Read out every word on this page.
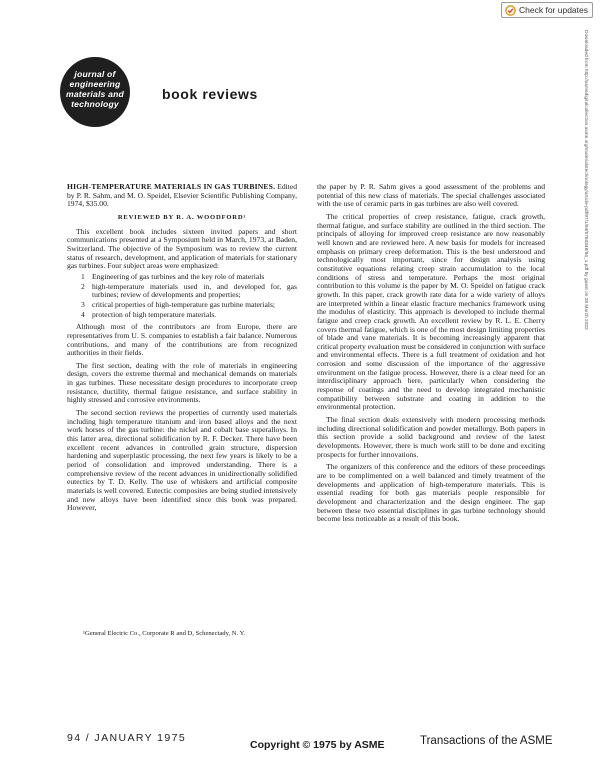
Check for updates
Downloaded from http://asmedigitalcollection.asme.org/materialstechnology/article-pdf/97/1/94/5760348/94_1.pdf by guest on 28 March 2022
journal of
engineering
materials and
technology
book reviews

HIGH-TEMPERATURE MATERIALS IN GAS TURBINES. Edited by P. R. Sahm, and M. O. Speidel, Elsevier Scientific Publishing Company, 1974, $35.00.

REVIEWED BY R. A. WOODFORD¹

This excellent book includes sixteen invited papers and short communications presented at a Symposium held in March, 1973, at Baden, Switzerland. The objective of the Symposium was to review the current status of research, development, and application of materials for stationary gas turbines. Four subject areas were emphasized:

1 Engineering of gas turbines and the key role of materials
2 high-temperature materials used in, and developed for, gas turbines; review of developments and properties;
3 critical properties of high-temperature gas turbine materials;
4 protection of high temperature materials.

Although most of the contributors are from Europe, there are representatives from U. S. companies to establish a fair balance. Numerous contributions, and many of the contributions are from recognized authorities in their fields.

The first section, dealing with the role of materials in engineering design, covers the extreme thermal and mechanical demands on materials in gas turbines. These necessitate design procedures to incorporate creep resistance, ductility, thermal fatigue resistance, and surface stability in highly stressed and corrosive environments.

The second section reviews the properties of currently used materials including high temperature titanium and iron based alloys and the next work horses of the gas turbine: the nickel and cobalt base superalloys. In this latter area, directional solidification by R. F. Decker. There have been excellent recent advances in controlled grain structure, dispersion hardening and superplastic processing, the next few years is likely to be a period of consolidation and improved understanding. There is a comprehensive review of the recent advances in unidirectionally solidified eutectics by T. D. Kelly. The use of whiskers and artificial composite materials is well covered. Eutectic composites are being studied intensively and new alloys have been identified since this book was prepared. However,

¹General Electric Co., Corporate R and D, Schenectady, N. Y.

the paper by P. R. Sahm gives a good assessment of the problems and potential of this new class of materials. The special challenges associated with the use of ceramic parts in gas turbines are also well covered.

The critical properties of creep resistance, fatigue, crack growth, thermal fatigue, and surface stability are outlined in the third section. The principals of alloying for improved creep resistance are now reasonably well known and are reviewed here. A new basis for models for increased emphasis on primary creep deformation. This is the best understood and technologically most important, since for design analysis using constitutive equations relating creep strain accumulation to the local conditions of stress and temperature. Perhaps the most original contribution to this volume is the paper by M. O. Speidel on fatigue crack growth. In this paper, crack growth rate data for a wide variety of alloys are interpreted within a linear elastic fracture mechanics framework using the modulus of elasticity. This approach is developed to include thermal fatigue and creep crack growth. An excellent review by R. L. E. Cherry covers thermal fatigue, which is one of the most design limiting properties of blade and vane materials. It is becoming increasingly apparent that critical property evaluation must be considered in conjunction with surface and environmental effects. There is a full treatment of oxidation and hot corrosion and some discussion of the importance of the aggressive environment on the fatigue process. However, there is a clear need for an interdisciplinary approach here, particularly when considering the response of coatings and the need to develop integrated mechanistic compatibility between substrate and coating in addition to the environmental protection.

The final section deals extensively with modern processing methods including directional solidification and powder metallurgy. Both papers in this section provide a solid background and review of the latest developments. However, there is much work still to be done and exciting prospects for further innovations.

The organizers of this conference and the editors of these proceedings are to be complimented on a well balanced and timely treatment of the developments and application of high-temperature materials. This is essential reading for both gas materials people responsible for development and characterization and the design engineer. The gap between these two essential disciplines in gas turbine technology should become less noticeable as a result of this book.

94 / JANUARY 1975
Copyright © 1975 by ASME	Transactions of the ASME
